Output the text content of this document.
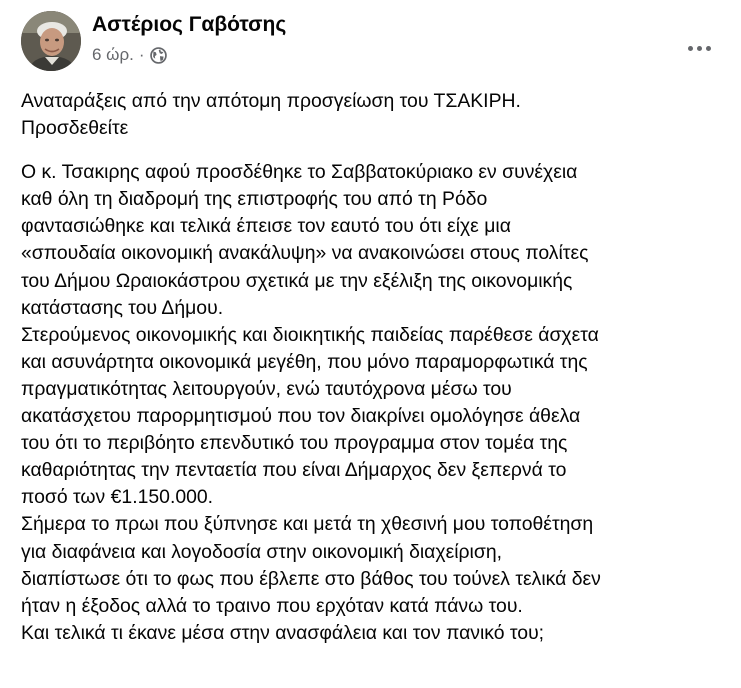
Αστέριος Γαβότσης
6 ώρ. ·
Αναταράξεις από την απότομη προσγείωση του ΤΣΑΚΙΡΗ.
Προσδεθείτε
Ο κ. Τσακιρης αφού προσδέθηκε το Σαββατοκύριακο εν συνέχεια
καθ όλη τη διαδρομή της επιστροφής του από τη Ρόδο
φαντασιώθηκε και τελικά έπεισε τον εαυτό του ότι είχε μια
«σπουδαία οικονομική ανακάλυψη» να ανακοινώσει στους πολίτες
του Δήμου Ωραιοκάστρου σχετικά με την εξέλιξη της οικονομικής
κατάστασης του Δήμου.
Στερούμενος οικονομικής και διοικητικής παιδείας παρέθεσε άσχετα
και ασυνάρτητα οικονομικά μεγέθη, που μόνο παραμορφωτικά της
πραγματικότητας λειτουργούν, ενώ ταυτόχρονα μέσω του
ακατάσχετου παρορμητισμού που τον διακρίνει ομολόγησε άθελα
του ότι το περιβόητο επενδυτικό του προγραμμα στον τομέα της
καθαριότητας την πενταετία που είναι Δήμαρχος δεν ξεπερνά το
ποσό των €1.150.000.
Σήμερα το πρωι που ξύπνησε και μετά τη χθεσινή μου τοποθέτηση
για διαφάνεια και λογοδοσία στην οικονομική διαχείριση,
διαπίστωσε ότι το φως που έβλεπε στο βάθος του τούνελ τελικά δεν
ήταν η έξοδος αλλά το τραινο που ερχόταν κατά πάνω του.
Και τελικά τι έκανε μέσα στην ανασφάλεια και τον πανικό του;
